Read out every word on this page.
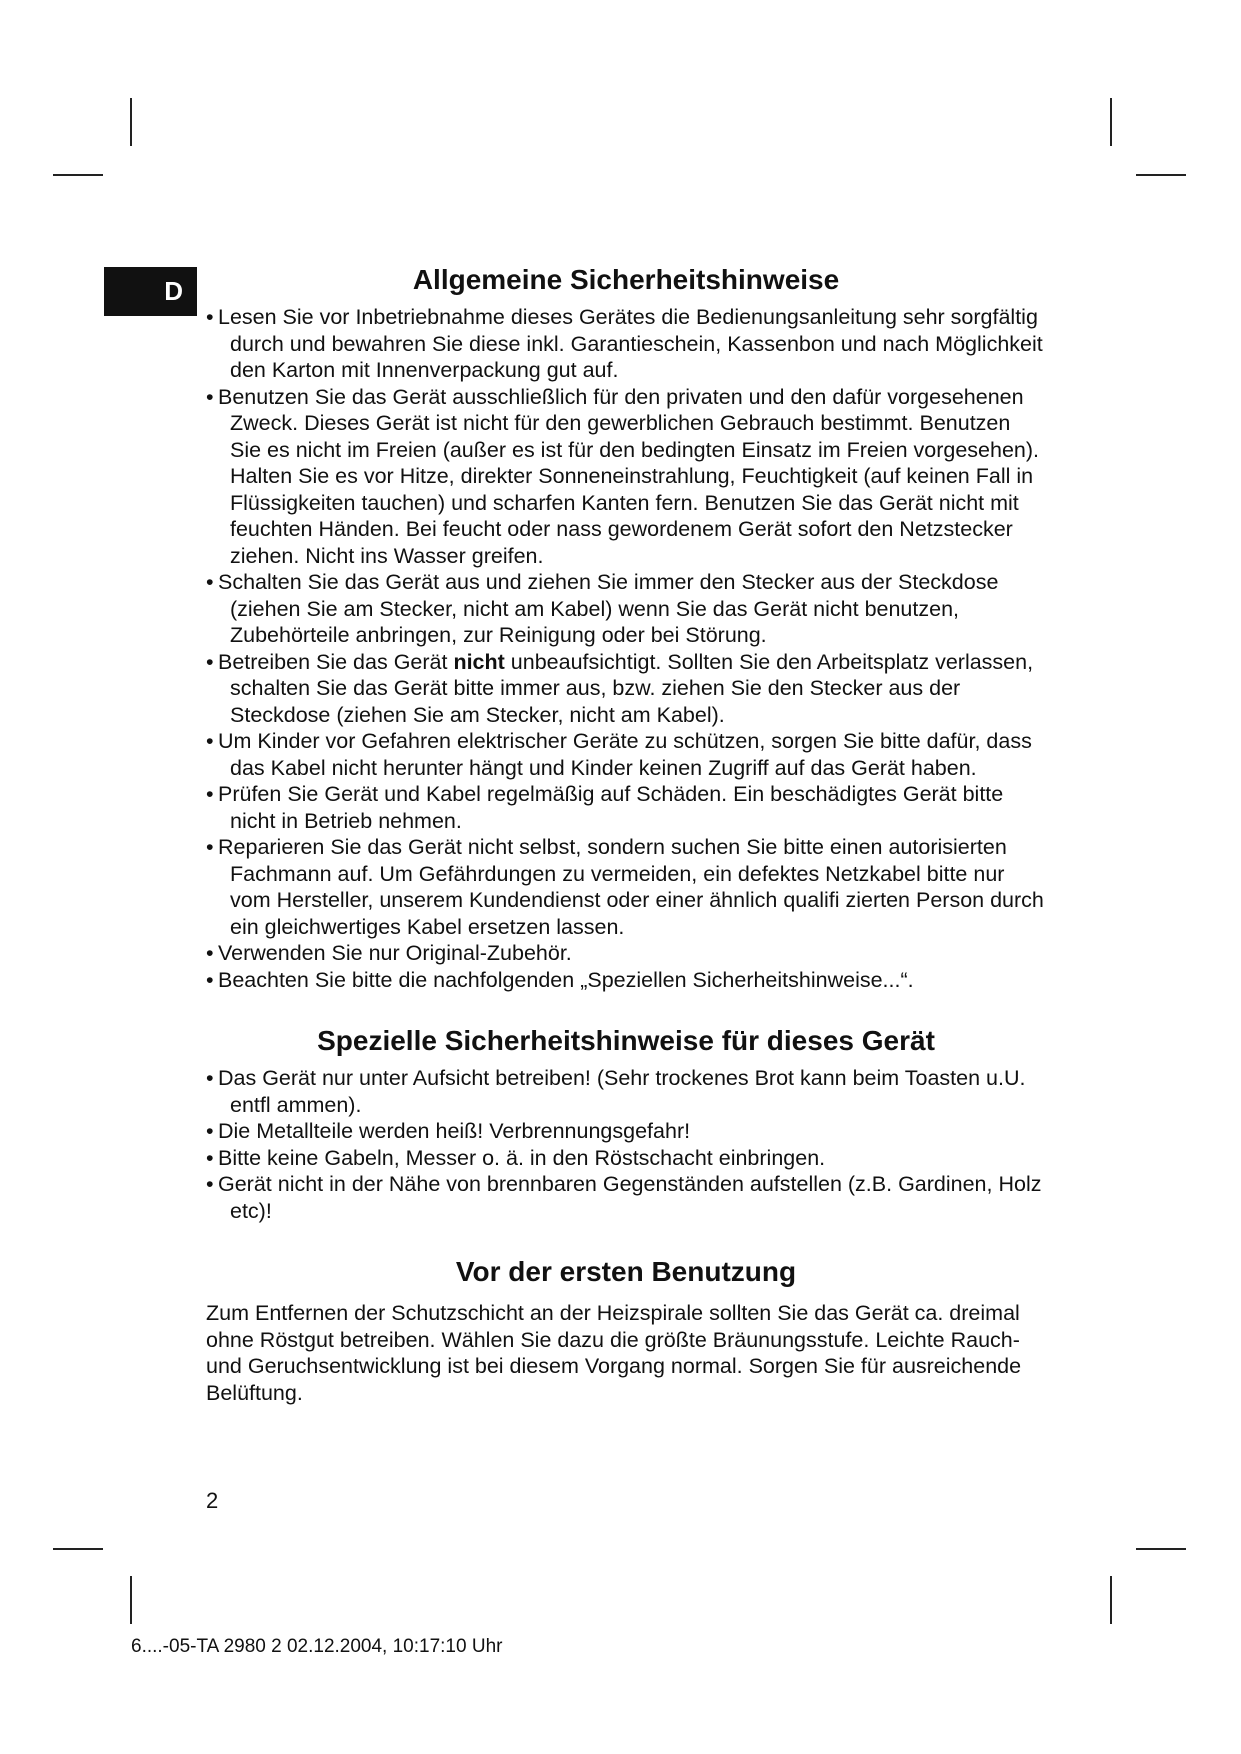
D	Allgemeine Sicherheitshinweise
• Lesen Sie vor Inbetriebnahme dieses Gerätes die Bedienungsanleitung sehr sorgfältig durch und bewahren Sie diese inkl. Garantieschein, Kassenbon und nach Möglichkeit den Karton mit Innenverpackung gut auf.
• Benutzen Sie das Gerät ausschließlich für den privaten und den dafür vorgesehenen Zweck. Dieses Gerät ist nicht für den gewerblichen Gebrauch bestimmt. Benutzen Sie es nicht im Freien (außer es ist für den bedingten Einsatz im Freien vorgesehen). Halten Sie es vor Hitze, direkter Sonneneinstrahlung, Feuchtigkeit (auf keinen Fall in Flüssigkeiten tauchen) und scharfen Kanten fern. Benutzen Sie das Gerät nicht mit feuchten Händen. Bei feucht oder nass gewordenem Gerät sofort den Netzstecker ziehen. Nicht ins Wasser greifen.
• Schalten Sie das Gerät aus und ziehen Sie immer den Stecker aus der Steckdose (ziehen Sie am Stecker, nicht am Kabel) wenn Sie das Gerät nicht benutzen, Zubehörteile anbringen, zur Reinigung oder bei Störung.
• Betreiben Sie das Gerät nicht unbeaufsichtigt. Sollten Sie den Arbeitsplatz verlassen, schalten Sie das Gerät bitte immer aus, bzw. ziehen Sie den Stecker aus der Steckdose (ziehen Sie am Stecker, nicht am Kabel).
• Um Kinder vor Gefahren elektrischer Geräte zu schützen, sorgen Sie bitte dafür, dass das Kabel nicht herunter hängt und Kinder keinen Zugriff auf das Gerät haben.
• Prüfen Sie Gerät und Kabel regelmäßig auf Schäden. Ein beschädigtes Gerät bitte nicht in Betrieb nehmen.
• Reparieren Sie das Gerät nicht selbst, sondern suchen Sie bitte einen autorisierten Fachmann auf. Um Gefährdungen zu vermeiden, ein defektes Netzkabel bitte nur vom Hersteller, unserem Kundendienst oder einer ähnlich qualifi zierten Person durch ein gleichwertiges Kabel ersetzen lassen.
• Verwenden Sie nur Original-Zubehör.
• Beachten Sie bitte die nachfolgenden „Speziellen Sicherheitshinweise...“.
Spezielle Sicherheitshinweise für dieses Gerät
• Das Gerät nur unter Aufsicht betreiben! (Sehr trockenes Brot kann beim Toasten u.U. entfl ammen).
• Die Metallteile werden heiß! Verbrennungsgefahr!
• Bitte keine Gabeln, Messer o. ä. in den Röstschacht einbringen.
• Gerät nicht in der Nähe von brennbaren Gegenständen aufstellen (z.B. Gardinen, Holz etc)!
Vor der ersten Benutzung

Zum Entfernen der Schutzschicht an der Heizspirale sollten Sie das Gerät ca. dreimal ohne Röstgut betreiben. Wählen Sie dazu die größte Bräunungsstufe. Leichte Rauch- und Geruchsentwicklung ist bei diesem Vorgang normal. Sorgen Sie für ausreichende Belüftung.

2
6....-05-TA 2980 2 02.12.2004, 10:17:10 Uhr
